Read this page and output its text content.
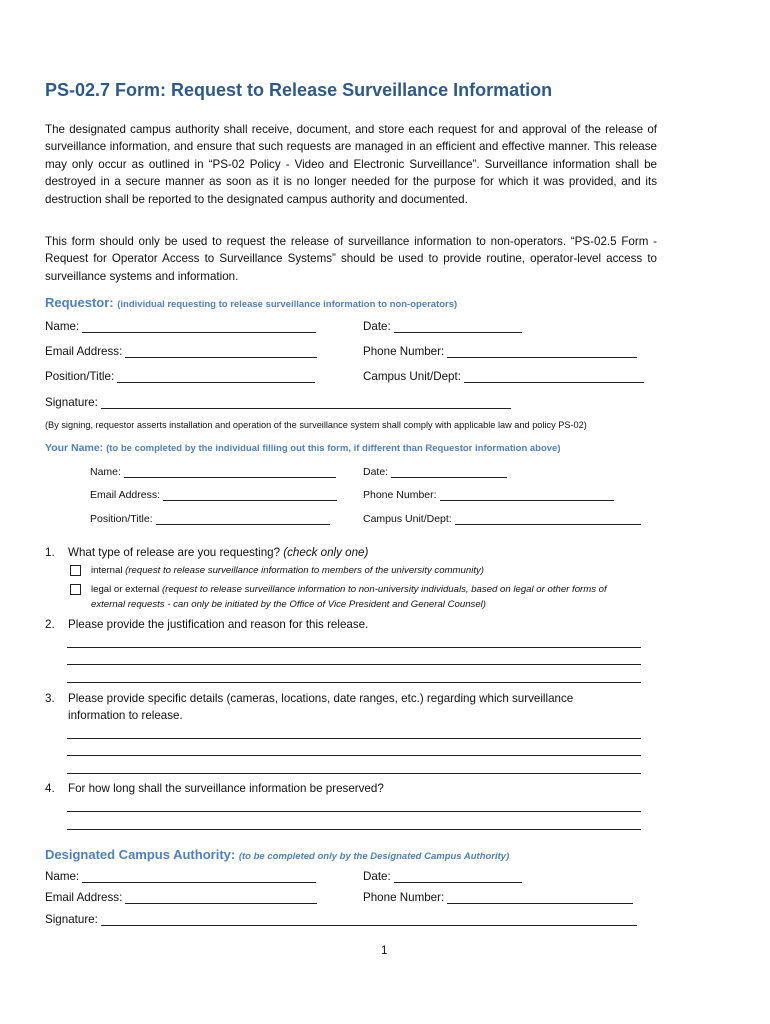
PS-02.7 Form: Request to Release Surveillance Information

The designated campus authority shall receive, document, and store each request for and approval of the release of surveillance information, and ensure that such requests are managed in an efficient and effective manner. This release may only occur as outlined in “PS-02 Policy - Video and Electronic Surveillance”. Surveillance information shall be destroyed in a secure manner as soon as it is no longer needed for the purpose for which it was provided, and its destruction shall be reported to the designated campus authority and documented.

This form should only be used to request the release of surveillance information to non-operators. “PS-02.5 Form - Request for Operator Access to Surveillance Systems” should be used to provide routine, operator-level access to surveillance systems and information.

Requestor: (individual requesting to release surveillance information to non-operators)
Name:	Date:
Email Address:	Phone Number:
Position/Title:	Campus Unit/Dept:
Signature:
(By signing, requestor asserts installation and operation of the surveillance system shall comply with applicable law and policy PS-02)
Your Name: (to be completed by the individual filling out this form, if different than Requestor information above)
Name:	Date:
Email Address:	Phone Number:
Position/Title:	Campus Unit/Dept:
1. What type of release are you requesting? (check only one)
internal (request to release surveillance information to members of the university community)
legal or external (request to release surveillance information to non-university individuals, based on legal or other forms of
external requests - can only be initiated by the Office of Vice President and General Counsel)
2. Please provide the justification and reason for this release.
3. Please provide specific details (cameras, locations, date ranges, etc.) regarding which surveillance
information to release.
4. For how long shall the surveillance information be preserved?
Designated Campus Authority: (to be completed only by the Designated Campus Authority)
Name:	Date:
Email Address:	Phone Number:
Signature:
1
